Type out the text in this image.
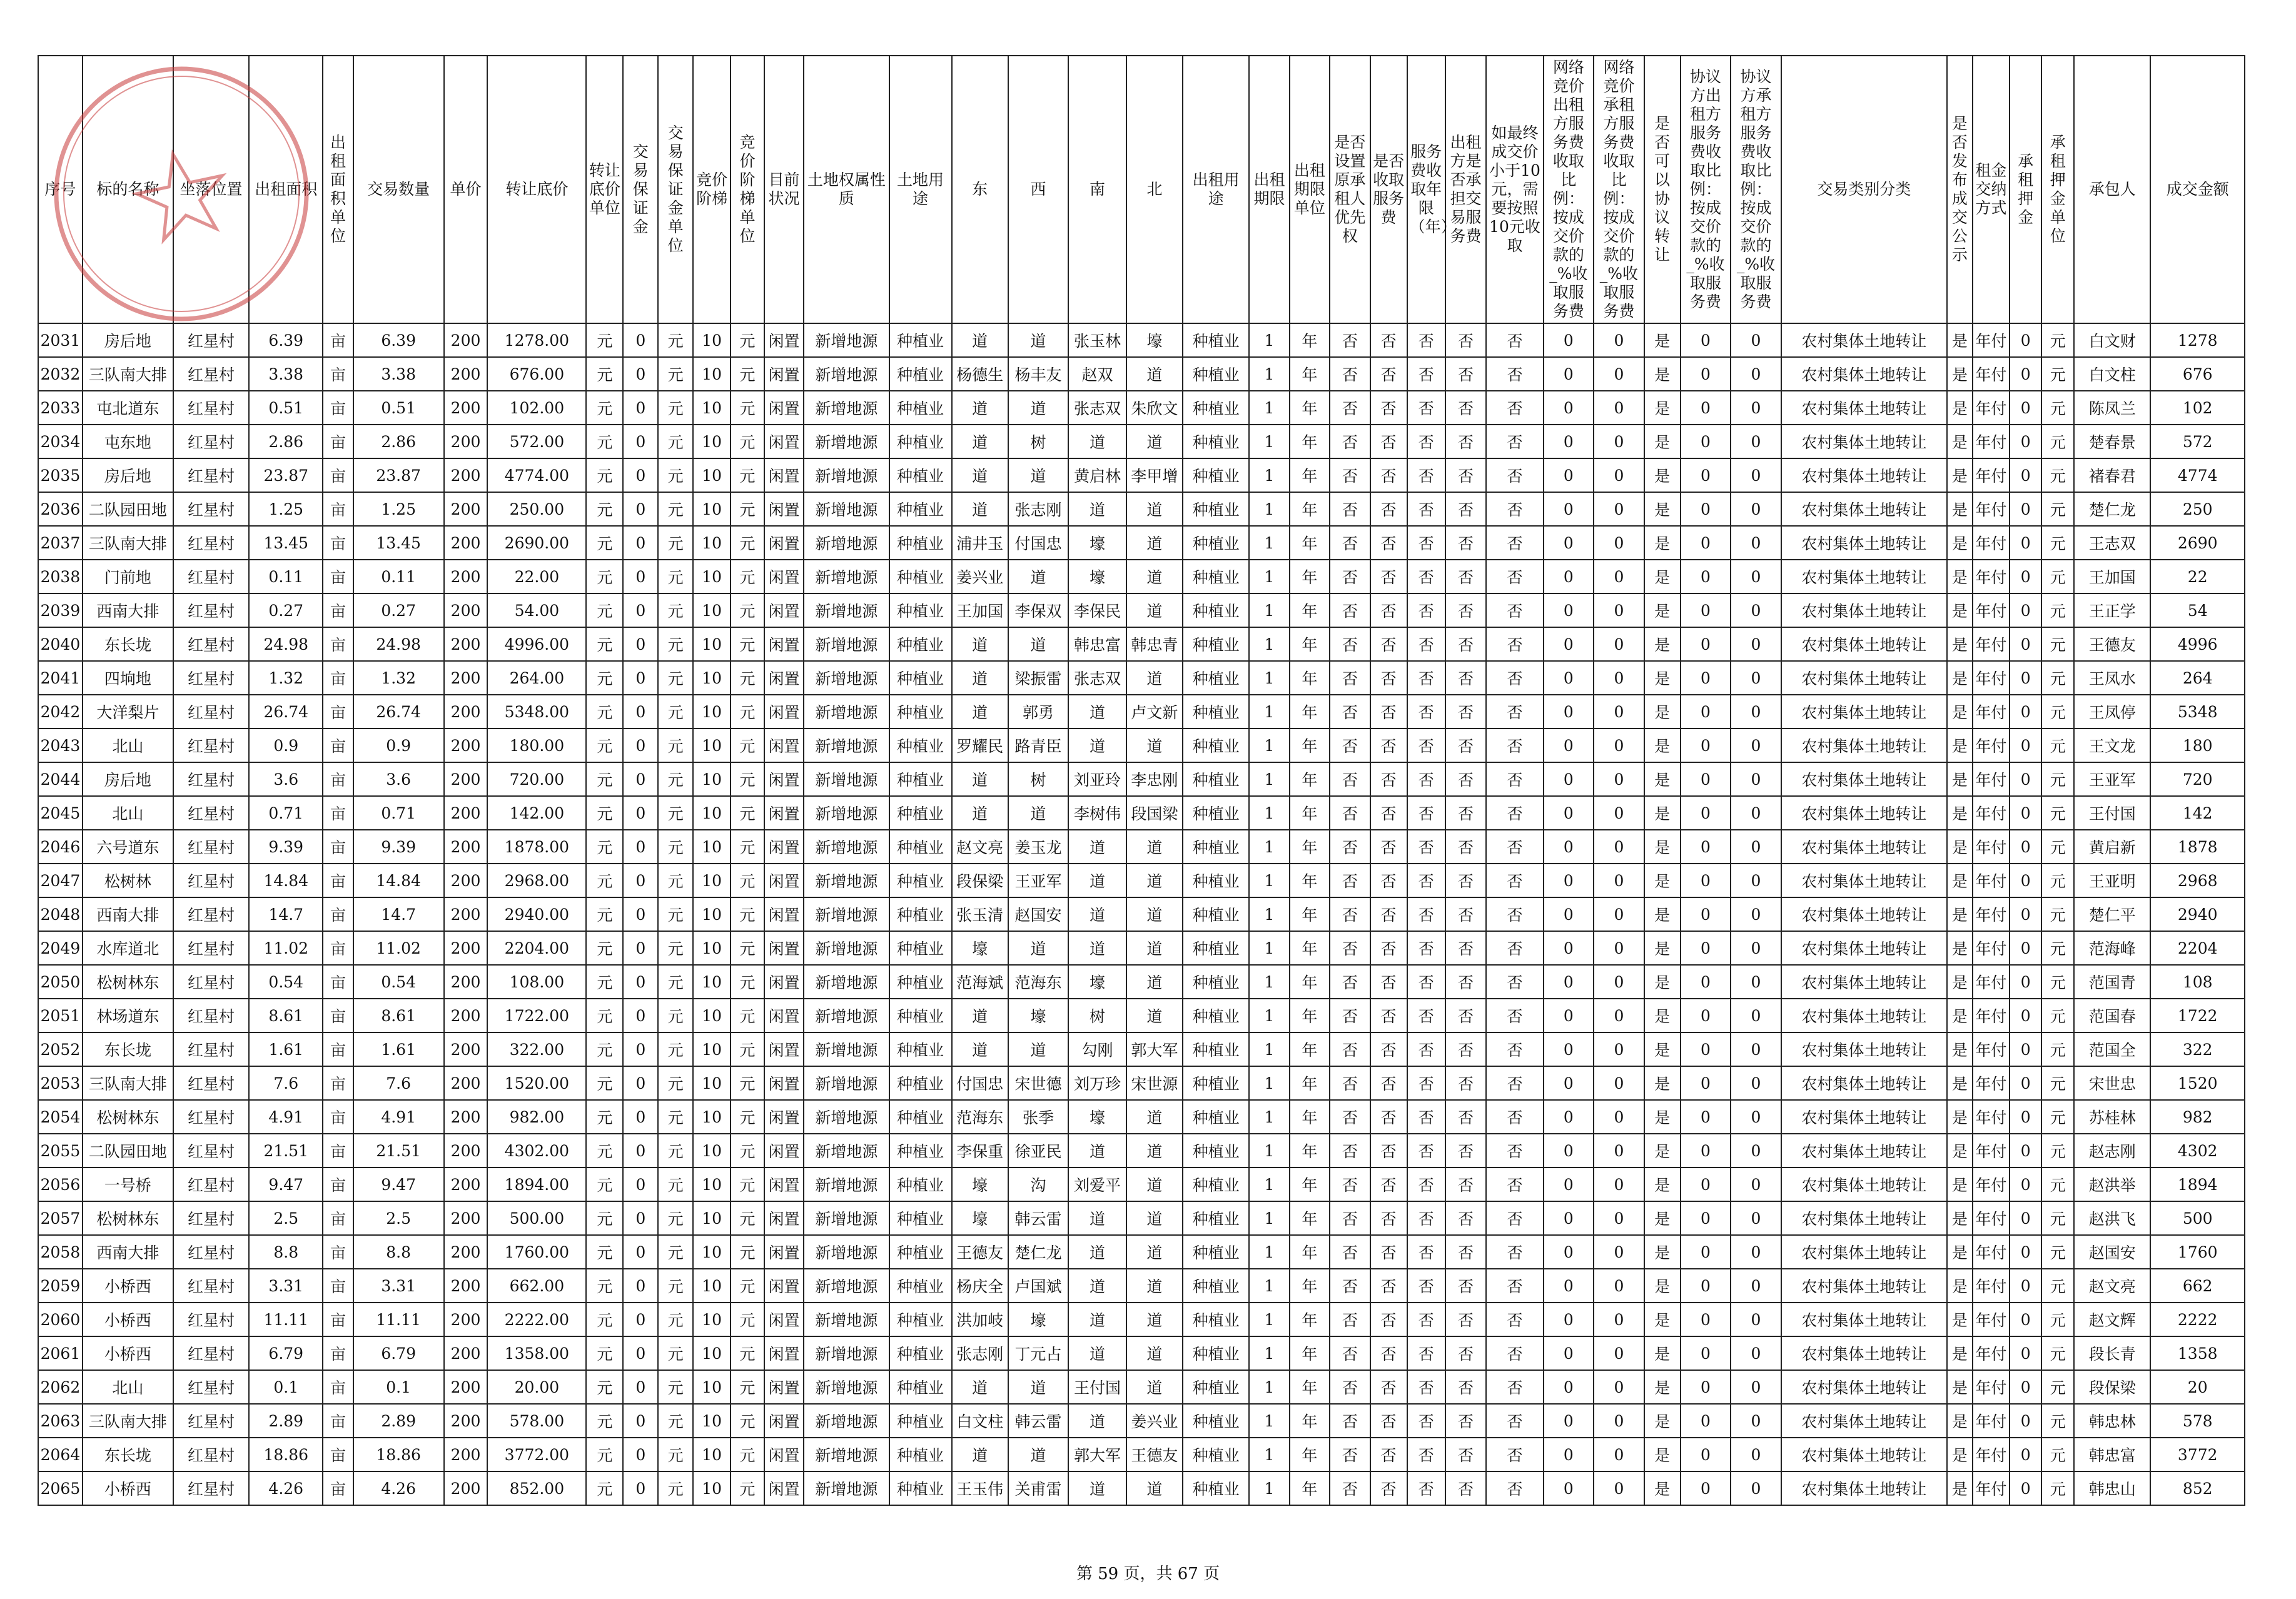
序号	标的名称	坐落位置	出租面积	出租面积单位	交易数量	单价	转让底价	转让底价单位	交易保证金	交易保证金单位	竞价阶梯	竞价阶梯单位	目前状况	土地权属性质	土地用途	东	西	南	北	出租用途	出租期限	出租期限单位	是否设置原承租人优先权	是否收取服务费	服务费收取年限（年）	出租方是否承担交易服务费	如最终成交价小于10元，需要按照10元收取	网络竞价出租方服务费收取比例：按成交价款的_%收取服务费	网络竞价承租方服务费收取比例：按成交价款的_%收取服务费	是否可以协议转让	协议方出租方服务费收取比例：按成交价款的_%收取服务费	协议方承租方服务费收取比例：按成交价款的_%收取服务费	交易类别分类	是否发布成交公示	租金交纳方式	承租押金	承租押金单位	承包人	成交金额
2031	房后地	红星村	6.39	亩	6.39	200	1278.00	元	0	元	10	元	闲置	新增地源	种植业	道	道	张玉林	壕	种植业	1	年	否	否	否	否	否	0	0	是	0	0	农村集体土地转让	是	年付	0	元	白文财	1278
2032	三队南大排	红星村	3.38	亩	3.38	200	676.00	元	0	元	10	元	闲置	新增地源	种植业	杨德生	杨丰友	赵双	道	种植业	1	年	否	否	否	否	否	0	0	是	0	0	农村集体土地转让	是	年付	0	元	白文柱	676
2033	屯北道东	红星村	0.51	亩	0.51	200	102.00	元	0	元	10	元	闲置	新增地源	种植业	道	道	张志双	朱欣文	种植业	1	年	否	否	否	否	否	0	0	是	0	0	农村集体土地转让	是	年付	0	元	陈凤兰	102
2034	屯东地	红星村	2.86	亩	2.86	200	572.00	元	0	元	10	元	闲置	新增地源	种植业	道	树	道	道	种植业	1	年	否	否	否	否	否	0	0	是	0	0	农村集体土地转让	是	年付	0	元	楚春景	572
2035	房后地	红星村	23.87	亩	23.87	200	4774.00	元	0	元	10	元	闲置	新增地源	种植业	道	道	黄启林	李甲增	种植业	1	年	否	否	否	否	否	0	0	是	0	0	农村集体土地转让	是	年付	0	元	褚春君	4774
2036	二队园田地	红星村	1.25	亩	1.25	200	250.00	元	0	元	10	元	闲置	新增地源	种植业	道	张志刚	道	道	种植业	1	年	否	否	否	否	否	0	0	是	0	0	农村集体土地转让	是	年付	0	元	楚仁龙	250
2037	三队南大排	红星村	13.45	亩	13.45	200	2690.00	元	0	元	10	元	闲置	新增地源	种植业	浦井玉	付国忠	壕	道	种植业	1	年	否	否	否	否	否	0	0	是	0	0	农村集体土地转让	是	年付	0	元	王志双	2690
2038	门前地	红星村	0.11	亩	0.11	200	22.00	元	0	元	10	元	闲置	新增地源	种植业	姜兴业	道	壕	道	种植业	1	年	否	否	否	否	否	0	0	是	0	0	农村集体土地转让	是	年付	0	元	王加国	22
2039	西南大排	红星村	0.27	亩	0.27	200	54.00	元	0	元	10	元	闲置	新增地源	种植业	王加国	李保双	李保民	道	种植业	1	年	否	否	否	否	否	0	0	是	0	0	农村集体土地转让	是	年付	0	元	王正学	54
2040	东长垅	红星村	24.98	亩	24.98	200	4996.00	元	0	元	10	元	闲置	新增地源	种植业	道	道	韩忠富	韩忠青	种植业	1	年	否	否	否	否	否	0	0	是	0	0	农村集体土地转让	是	年付	0	元	王德友	4996
2041	四垧地	红星村	1.32	亩	1.32	200	264.00	元	0	元	10	元	闲置	新增地源	种植业	道	梁振雷	张志双	道	种植业	1	年	否	否	否	否	否	0	0	是	0	0	农村集体土地转让	是	年付	0	元	王凤水	264
2042	大洋梨片	红星村	26.74	亩	26.74	200	5348.00	元	0	元	10	元	闲置	新增地源	种植业	道	郭勇	道	卢文新	种植业	1	年	否	否	否	否	否	0	0	是	0	0	农村集体土地转让	是	年付	0	元	王凤停	5348
2043	北山	红星村	0.9	亩	0.9	200	180.00	元	0	元	10	元	闲置	新增地源	种植业	罗耀民	路青臣	道	道	种植业	1	年	否	否	否	否	否	0	0	是	0	0	农村集体土地转让	是	年付	0	元	王文龙	180
2044	房后地	红星村	3.6	亩	3.6	200	720.00	元	0	元	10	元	闲置	新增地源	种植业	道	树	刘亚玲	李忠刚	种植业	1	年	否	否	否	否	否	0	0	是	0	0	农村集体土地转让	是	年付	0	元	王亚军	720
2045	北山	红星村	0.71	亩	0.71	200	142.00	元	0	元	10	元	闲置	新增地源	种植业	道	道	李树伟	段国梁	种植业	1	年	否	否	否	否	否	0	0	是	0	0	农村集体土地转让	是	年付	0	元	王付国	142
2046	六号道东	红星村	9.39	亩	9.39	200	1878.00	元	0	元	10	元	闲置	新增地源	种植业	赵文亮	姜玉龙	道	道	种植业	1	年	否	否	否	否	否	0	0	是	0	0	农村集体土地转让	是	年付	0	元	黄启新	1878
2047	松树林	红星村	14.84	亩	14.84	200	2968.00	元	0	元	10	元	闲置	新增地源	种植业	段保梁	王亚军	道	道	种植业	1	年	否	否	否	否	否	0	0	是	0	0	农村集体土地转让	是	年付	0	元	王亚明	2968
2048	西南大排	红星村	14.7	亩	14.7	200	2940.00	元	0	元	10	元	闲置	新增地源	种植业	张玉清	赵国安	道	道	种植业	1	年	否	否	否	否	否	0	0	是	0	0	农村集体土地转让	是	年付	0	元	楚仁平	2940
2049	水库道北	红星村	11.02	亩	11.02	200	2204.00	元	0	元	10	元	闲置	新增地源	种植业	壕	道	道	道	种植业	1	年	否	否	否	否	否	0	0	是	0	0	农村集体土地转让	是	年付	0	元	范海峰	2204
2050	松树林东	红星村	0.54	亩	0.54	200	108.00	元	0	元	10	元	闲置	新增地源	种植业	范海斌	范海东	壕	道	种植业	1	年	否	否	否	否	否	0	0	是	0	0	农村集体土地转让	是	年付	0	元	范国青	108
2051	林场道东	红星村	8.61	亩	8.61	200	1722.00	元	0	元	10	元	闲置	新增地源	种植业	道	壕	树	道	种植业	1	年	否	否	否	否	否	0	0	是	0	0	农村集体土地转让	是	年付	0	元	范国春	1722
2052	东长垅	红星村	1.61	亩	1.61	200	322.00	元	0	元	10	元	闲置	新增地源	种植业	道	道	勾刚	郭大军	种植业	1	年	否	否	否	否	否	0	0	是	0	0	农村集体土地转让	是	年付	0	元	范国全	322
2053	三队南大排	红星村	7.6	亩	7.6	200	1520.00	元	0	元	10	元	闲置	新增地源	种植业	付国忠	宋世德	刘万珍	宋世源	种植业	1	年	否	否	否	否	否	0	0	是	0	0	农村集体土地转让	是	年付	0	元	宋世忠	1520
2054	松树林东	红星村	4.91	亩	4.91	200	982.00	元	0	元	10	元	闲置	新增地源	种植业	范海东	张季	壕	道	种植业	1	年	否	否	否	否	否	0	0	是	0	0	农村集体土地转让	是	年付	0	元	苏桂林	982
2055	二队园田地	红星村	21.51	亩	21.51	200	4302.00	元	0	元	10	元	闲置	新增地源	种植业	李保重	徐亚民	道	道	种植业	1	年	否	否	否	否	否	0	0	是	0	0	农村集体土地转让	是	年付	0	元	赵志刚	4302
2056	一号桥	红星村	9.47	亩	9.47	200	1894.00	元	0	元	10	元	闲置	新增地源	种植业	壕	沟	刘爱平	道	种植业	1	年	否	否	否	否	否	0	0	是	0	0	农村集体土地转让	是	年付	0	元	赵洪举	1894
2057	松树林东	红星村	2.5	亩	2.5	200	500.00	元	0	元	10	元	闲置	新增地源	种植业	壕	韩云雷	道	道	种植业	1	年	否	否	否	否	否	0	0	是	0	0	农村集体土地转让	是	年付	0	元	赵洪飞	500
2058	西南大排	红星村	8.8	亩	8.8	200	1760.00	元	0	元	10	元	闲置	新增地源	种植业	王德友	楚仁龙	道	道	种植业	1	年	否	否	否	否	否	0	0	是	0	0	农村集体土地转让	是	年付	0	元	赵国安	1760
2059	小桥西	红星村	3.31	亩	3.31	200	662.00	元	0	元	10	元	闲置	新增地源	种植业	杨庆全	卢国斌	道	道	种植业	1	年	否	否	否	否	否	0	0	是	0	0	农村集体土地转让	是	年付	0	元	赵文亮	662
2060	小桥西	红星村	11.11	亩	11.11	200	2222.00	元	0	元	10	元	闲置	新增地源	种植业	洪加岐	壕	道	道	种植业	1	年	否	否	否	否	否	0	0	是	0	0	农村集体土地转让	是	年付	0	元	赵文辉	2222
2061	小桥西	红星村	6.79	亩	6.79	200	1358.00	元	0	元	10	元	闲置	新增地源	种植业	张志刚	丁元占	道	道	种植业	1	年	否	否	否	否	否	0	0	是	0	0	农村集体土地转让	是	年付	0	元	段长青	1358
2062	北山	红星村	0.1	亩	0.1	200	20.00	元	0	元	10	元	闲置	新增地源	种植业	道	道	王付国	道	种植业	1	年	否	否	否	否	否	0	0	是	0	0	农村集体土地转让	是	年付	0	元	段保梁	20
2063	三队南大排	红星村	2.89	亩	2.89	200	578.00	元	0	元	10	元	闲置	新增地源	种植业	白文柱	韩云雷	道	姜兴业	种植业	1	年	否	否	否	否	否	0	0	是	0	0	农村集体土地转让	是	年付	0	元	韩忠林	578
2064	东长垅	红星村	18.86	亩	18.86	200	3772.00	元	0	元	10	元	闲置	新增地源	种植业	道	道	郭大军	王德友	种植业	1	年	否	否	否	否	否	0	0	是	0	0	农村集体土地转让	是	年付	0	元	韩忠富	3772
2065	小桥西	红星村	4.26	亩	4.26	200	852.00	元	0	元	10	元	闲置	新增地源	种植业	王玉伟	关甫雷	道	道	种植业	1	年	否	否	否	否	否	0	0	是	0	0	农村集体土地转让	是	年付	0	元	韩忠山	852
第 59 页，共 67 页
